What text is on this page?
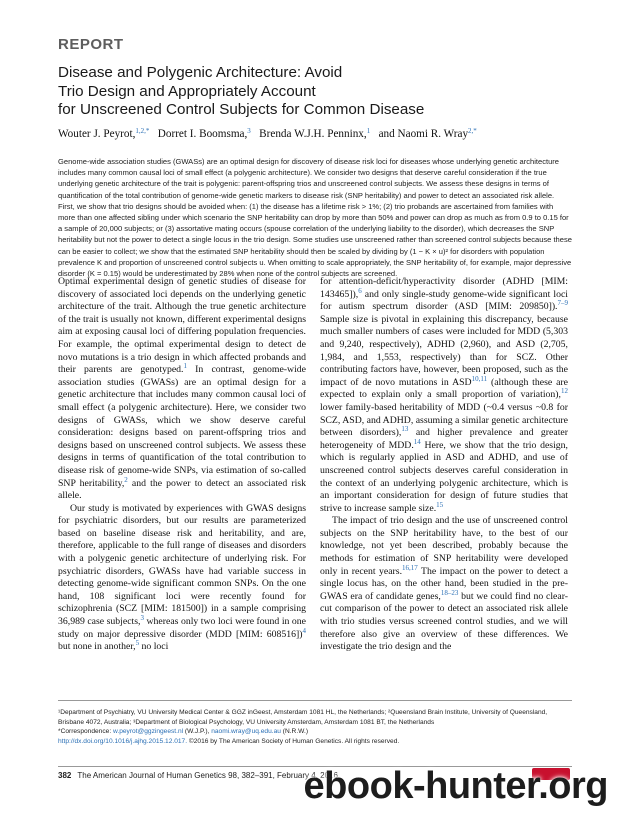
REPORT
Disease and Polygenic Architecture: Avoid
Trio Design and Appropriately Account
for Unscreened Control Subjects for Common Disease
Wouter J. Peyrot,$^{1,2,*}$ Dorret I. Boomsma,$^3$ Brenda W.J.H. Penninx,$^1$ and Naomi R. Wray$^{2,*}$
Genome-wide association studies (GWASs) are an optimal design for discovery of disease risk loci for diseases whose underlying genetic architecture includes many common causal loci of small effect (a polygenic architecture). We consider two designs that deserve careful consideration if the true underlying genetic architecture of the trait is polygenic: parent-offspring trios and unscreened control subjects. We assess these designs in terms of quantification of the total contribution of genome-wide genetic markers to disease risk (SNP heritability) and power to detect an associated risk allele. First, we show that trio designs should be avoided when: (1) the disease has a lifetime risk > 1%; (2) trio probands are ascertained from families with more than one affected sibling under which scenario the SNP heritability can drop by more than 50% and power can drop as much as from 0.9 to 0.15 for a sample of 20,000 subjects; or (3) assortative mating occurs (spouse correlation of the underlying liability to the disorder), which decreases the SNP heritability but not the power to detect a single locus in the trio design. Some studies use unscreened rather than screened control subjects because these can be easier to collect; we show that the estimated SNP heritability should then be scaled by dividing by (1 − K × u)² for disorders with population prevalence K and proportion of unscreened control subjects u. When omitting to scale appropriately, the SNP heritability of, for example, major depressive disorder (K = 0.15) would be underestimated by 28% when none of the control subjects are screened.

Optimal experimental design of genetic studies of disease for discovery of associated loci depends on the underlying genetic architecture of the trait. Although the true genetic architecture of the trait is usually not known, different experimental designs aim at exposing causal loci of differing population frequencies. For example, the optimal experimental design to detect de novo mutations is a trio design in which affected probands and their parents are genotyped.$^1$ In contrast, genome-wide association studies (GWASs) are an optimal design for a genetic architecture that includes many common causal loci of small effect (a polygenic architecture). Here, we consider two designs of GWASs, which we show deserve careful consideration: designs based on parent-offspring trios and designs based on unscreened control subjects. We assess these designs in terms of quantification of the total contribution to disease risk of genome-wide SNPs, via estimation of so-called SNP heritability,$^2$ and the power to detect an associated risk allele.

Our study is motivated by experiences with GWAS designs for psychiatric disorders, but our results are parameterized based on baseline disease risk and heritability, and are, therefore, applicable to the full range of diseases and disorders with a polygenic genetic architecture of underlying risk. For psychiatric disorders, GWASs have had variable success in detecting genome-wide significant common SNPs. On the one hand, 108 significant loci were recently found for schizophrenia (SCZ [MIM: 181500]) in a sample comprising 36,989 case subjects,$^3$ whereas only two loci were found in one study on major depressive disorder (MDD [MIM: 608516])$^4$ but none in another,$^5$ no loci

for attention-deficit/hyperactivity disorder (ADHD [MIM: 143465]),$^6$ and only single-study genome-wide significant loci for autism spectrum disorder (ASD [MIM: 209850]).$^{7-9}$ Sample size is pivotal in explaining this discrepancy, because much smaller numbers of cases were included for MDD (5,303 and 9,240, respectively), ADHD (2,960), and ASD (2,705, 1,984, and 1,553, respectively) than for SCZ. Other contributing factors have, however, been proposed, such as the impact of de novo mutations in ASD$^{10,11}$ (although these are expected to explain only a small proportion of variation),$^{12}$ lower family-based heritability of MDD (~0.4 versus ~0.8 for SCZ, ASD, and ADHD, assuming a similar genetic architecture between disorders),$^{13}$ and higher prevalence and greater heterogeneity of MDD.$^{14}$ Here, we show that the trio design, which is regularly applied in ASD and ADHD, and use of unscreened control subjects deserves careful consideration in the context of an underlying polygenic architecture, which is an important consideration for design of future studies that strive to increase sample size.$^{15}$

The impact of trio design and the use of unscreened control subjects on the SNP heritability have, to the best of our knowledge, not yet been described, probably because the methods for estimation of SNP heritability were developed only in recent years.$^{16,17}$ The impact on the power to detect a single locus has, on the other hand, been studied in the pre-GWAS era of candidate genes,$^{18-23}$ but we could find no clear-cut comparison of the power to detect an associated risk allele with trio studies versus screened control studies, and we will therefore also give an overview of these differences. We investigate the trio design and the

¹Department of Psychiatry, VU University Medical Center & GGZ inGeest, Amsterdam 1081 HL, the Netherlands; ²Queensland Brain Institute, University of Queensland, Brisbane 4072, Australia; ³Department of Biological Psychology, VU University Amsterdam, Amsterdam 1081 BT, the Netherlands
*Correspondence: w.peyrot@ggzingeest.nl (W.J.P.), naomi.wray@uq.edu.au (N.R.W.)
http://dx.doi.org/10.1016/j.ajhg.2015.12.017. ©2016 by The American Society of Human Genetics. All rights reserved.
382 The American Journal of Human Genetics 98, 382–391, February 4, 2016
ebook-hunter.org
